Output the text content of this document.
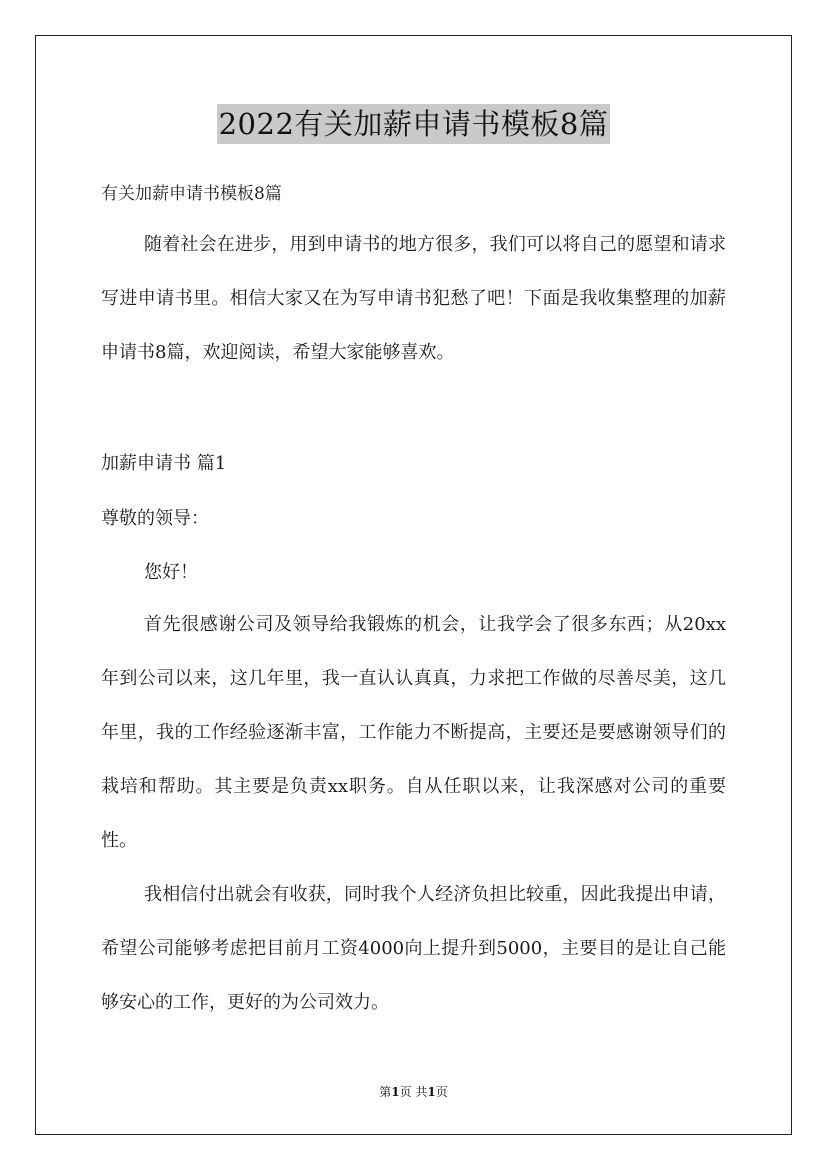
2022有关加薪申请书模板8篇
有关加薪申请书模板8篇

随着社会在进步，用到申请书的地方很多，我们可以将自己的愿望和请求写进申请书里。相信大家又在为写申请书犯愁了吧！下面是我收集整理的加薪申请书8篇，欢迎阅读，希望大家能够喜欢。

加薪申请书 篇1
尊敬的领导：
您好！

首先很感谢公司及领导给我锻炼的机会，让我学会了很多东西；从20xx年到公司以来，这几年里，我一直认认真真，力求把工作做的尽善尽美，这几年里，我的工作经验逐渐丰富，工作能力不断提高，主要还是要感谢领导们的栽培和帮助。其主要是负责xx职务。自从任职以来，让我深感对公司的重要性。

我相信付出就会有收获，同时我个人经济负担比较重，因此我提出申请，希望公司能够考虑把目前月工资4000向上提升到5000，主要目的是让自己能够安心的工作，更好的为公司效力。

第1页 共1页
